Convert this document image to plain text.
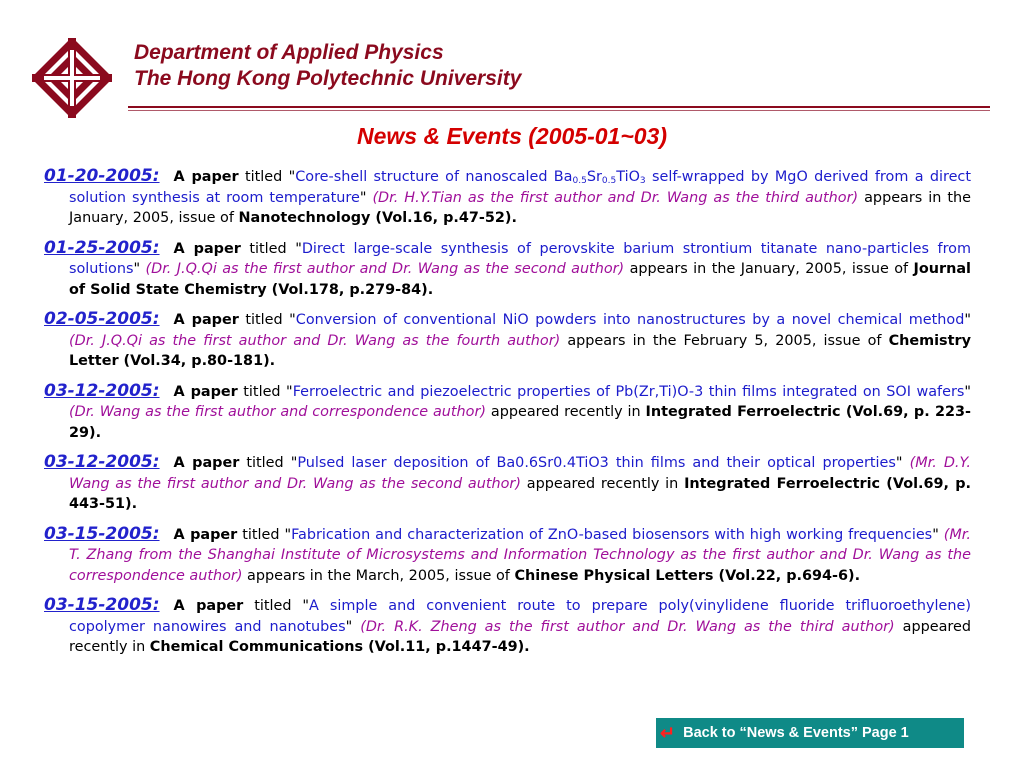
Department of Applied Physics
The Hong Kong Polytechnic University
News & Events (2005-01~03)
01-20-2005: A paper titled "Core-shell structure of nanoscaled $Ba_{0.5}Sr_{0.5}TiO_3$ self-wrapped by MgO derived from a direct solution synthesis at room temperature" (Dr. H.Y.Tian as the first author and Dr. Wang as the third author) appears in the January, 2005, issue of Nanotechnology (Vol.16, p.47-52).
01-25-2005: A paper titled "Direct large-scale synthesis of perovskite barium strontium titanate nano-particles from solutions" (Dr. J.Q.Qi as the first author and Dr. Wang as the second author) appears in the January, 2005, issue of Journal of Solid State Chemistry (Vol.178, p.279-84).
02-05-2005: A paper titled "Conversion of conventional NiO powders into nanostructures by a novel chemical method" (Dr. J.Q.Qi as the first author and Dr. Wang as the fourth author) appears in the February 5, 2005, issue of Chemistry Letter (Vol.34, p.80-181).
03-12-2005: A paper titled "Ferroelectric and piezoelectric properties of Pb(Zr,Ti)O-3 thin films integrated on SOI wafers" (Dr. Wang as the first author and correspondence author) appeared recently in Integrated Ferroelectric (Vol.69, p. 223-29).
03-12-2005: A paper titled "Pulsed laser deposition of Ba0.6Sr0.4TiO3 thin films and their optical properties" (Mr. D.Y. Wang as the first author and Dr. Wang as the second author) appeared recently in Integrated Ferroelectric (Vol.69, p. 443-51).
03-15-2005: A paper titled "Fabrication and characterization of ZnO-based biosensors with high working frequencies" (Mr. T. Zhang from the Shanghai Institute of Microsystems and Information Technology as the first author and Dr. Wang as the correspondence author) appears in the March, 2005, issue of Chinese Physical Letters (Vol.22, p.694-6).
03-15-2005: A paper titled "A simple and convenient route to prepare poly(vinylidene fluoride trifluoroethylene) copolymer nanowires and nanotubes" (Dr. R.K. Zheng as the first author and Dr. Wang as the third author) appeared recently in Chemical Communications (Vol.11, p.1447-49).
↵ Back to “News & Events” Page 1
